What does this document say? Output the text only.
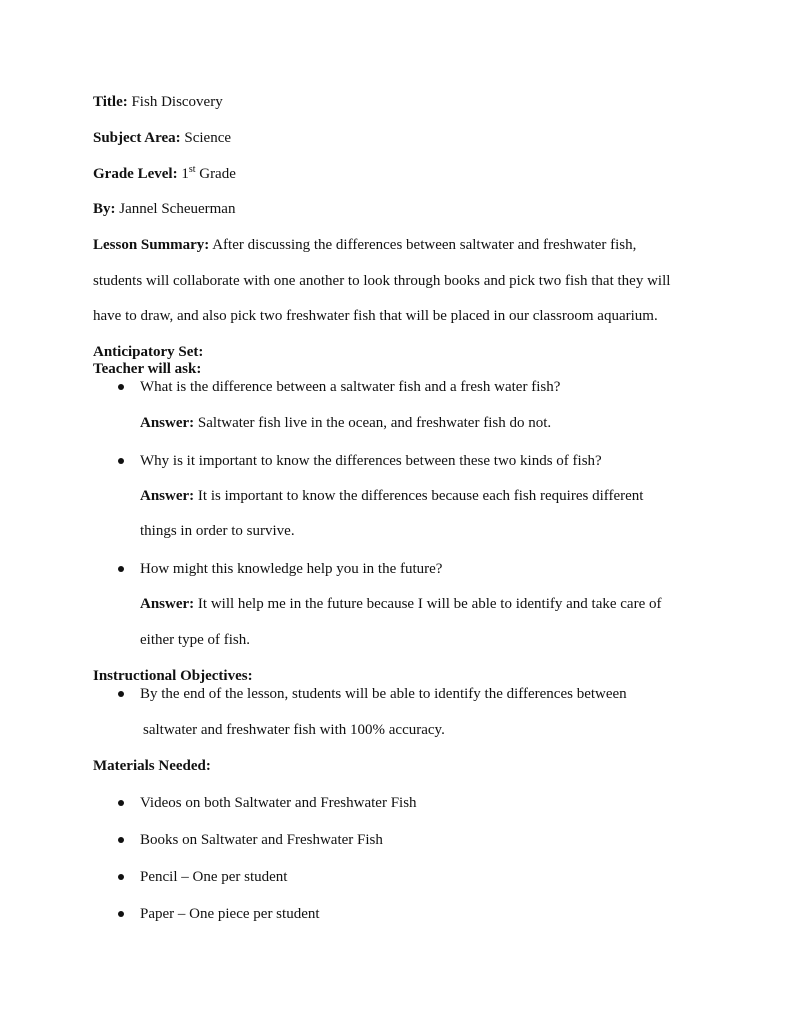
Title: Fish Discovery
Subject Area: Science
Grade Level: 1st Grade
By: Jannel Scheuerman
Lesson Summary: After discussing the differences between saltwater and freshwater fish,
students will collaborate with one another to look through books and pick two fish that they will
have to draw, and also pick two freshwater fish that will be placed in our classroom aquarium.
Anticipatory Set:
Teacher will ask:
What is the difference between a saltwater fish and a fresh water fish?
Answer: Saltwater fish live in the ocean, and freshwater fish do not.
Why is it important to know the differences between these two kinds of fish?
Answer: It is important to know the differences because each fish requires different
things in order to survive.
How might this knowledge help you in the future?
Answer: It will help me in the future because I will be able to identify and take care of
either type of fish.
Instructional Objectives:
By the end of the lesson, students will be able to identify the differences between
saltwater and freshwater fish with 100% accuracy.
Materials Needed:
Videos on both Saltwater and Freshwater Fish
Books on Saltwater and Freshwater Fish
Pencil – One per student
Paper – One piece per student
